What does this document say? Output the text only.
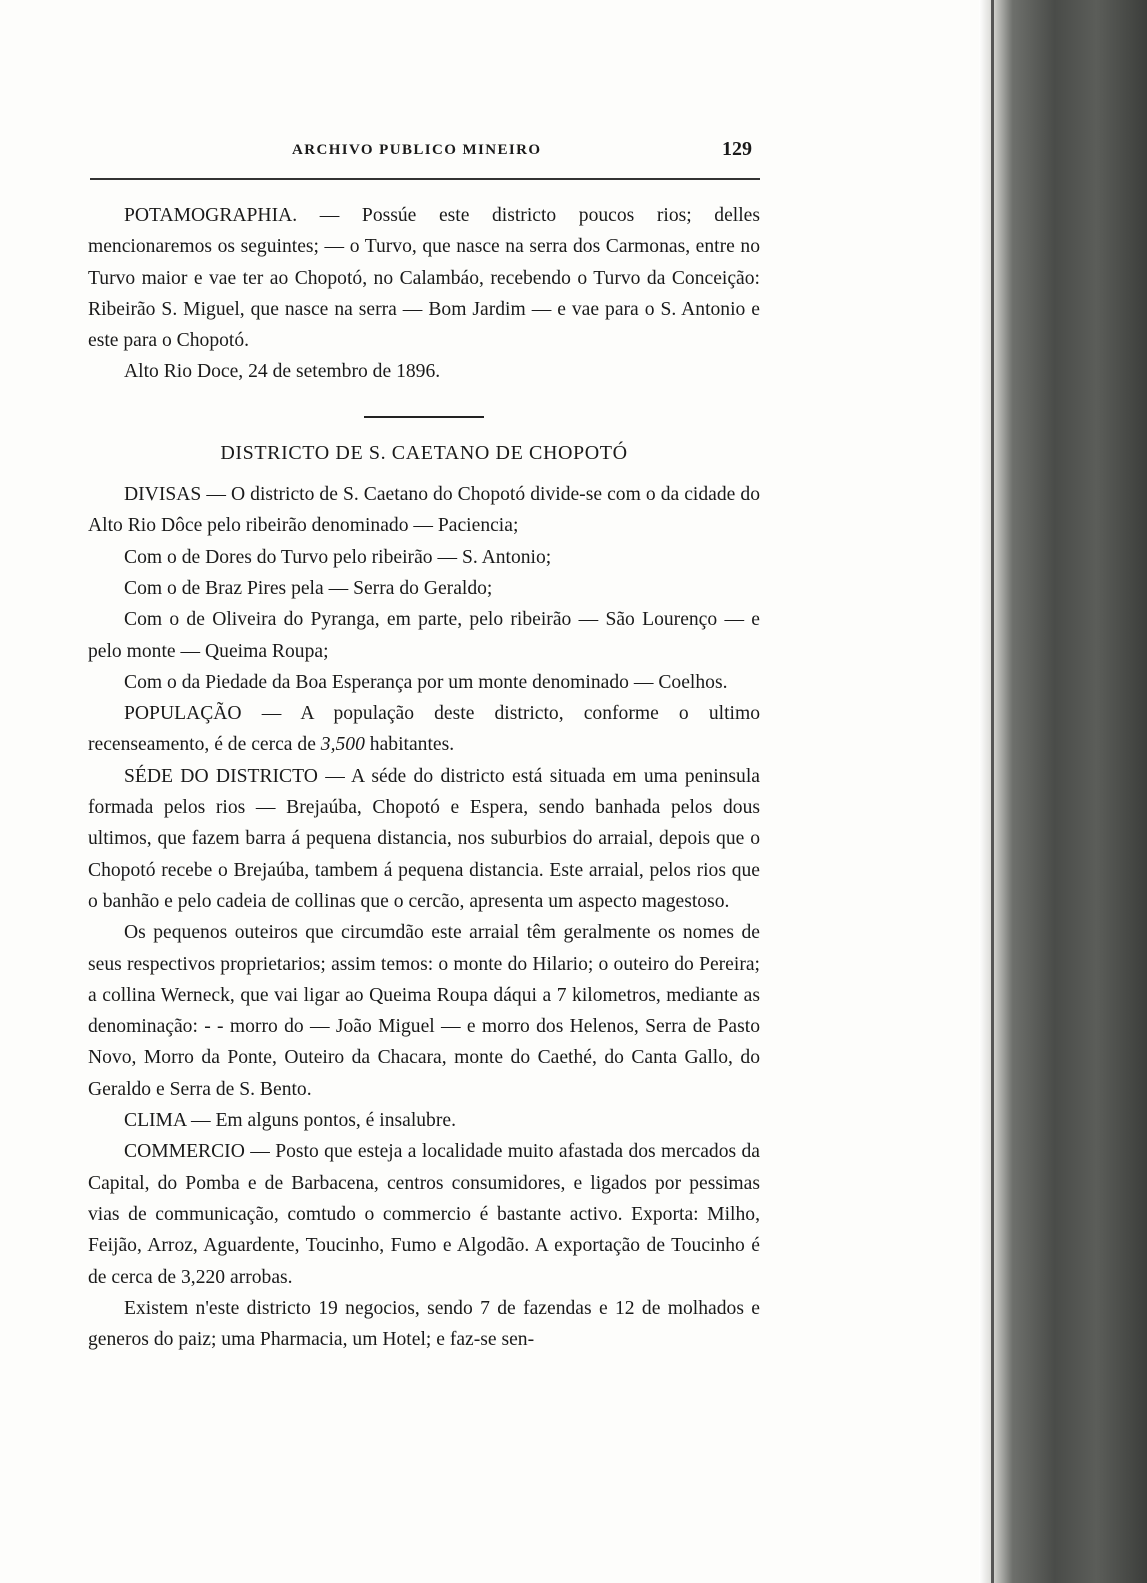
ARCHIVO PUBLICO MINEIRO	129

POTAMOGRAPHIA. — Possúe este districto poucos rios; delles mencionaremos os seguintes; — o Turvo, que nasce na serra dos Carmonas, entre no Turvo maior e vae ter ao Chopotó, no Calambáo, recebendo o Turvo da Conceição: Ribeirão S. Miguel, que nasce na serra — Bom Jardim — e vae para o S. Antonio e este para o Chopotó.

Alto Rio Doce, 24 de setembro de 1896.

DISTRICTO DE S. CAETANO DE CHOPOTÓ

DIVISAS — O districto de S. Caetano do Chopotó divide-se com o da cidade do Alto Rio Dôce pelo ribeirão denominado — Paciencia;

Com o de Dores do Turvo pelo ribeirão — S. Antonio;

Com o de Braz Pires pela — Serra do Geraldo;

Com o de Oliveira do Pyranga, em parte, pelo ribeirão — São Lourenço — e pelo monte — Queima Roupa;

Com o da Piedade da Boa Esperança por um monte denominado — Coelhos.

POPULAÇÃO — A população deste districto, conforme o ultimo recenseamento, é de cerca de 3,500 habitantes.

SÉDE DO DISTRICTO — A séde do districto está situada em uma peninsula formada pelos rios — Brejaúba, Chopotó e Espera, sendo banhada pelos dous ultimos, que fazem barra á pequena distancia, nos suburbios do arraial, depois que o Chopotó recebe o Brejaúba, tambem á pequena distancia. Este arraial, pelos rios que o banhão e pelo cadeia de collinas que o cercão, apresenta um aspecto magestoso.

Os pequenos outeiros que circumdão este arraial têm geralmente os nomes de seus respectivos proprietarios; assim temos: o monte do Hilario; o outeiro do Pereira; a collina Werneck, que vai ligar ao Queima Roupa dáqui a 7 kilometros, mediante as denominação: - - morro do — João Miguel — e morro dos Helenos, Serra de Pasto Novo, Morro da Ponte, Outeiro da Chacara, monte do Caethé, do Canta Gallo, do Geraldo e Serra de S. Bento.

CLIMA — Em alguns pontos, é insalubre.

COMMERCIO — Posto que esteja a localidade muito afastada dos mercados da Capital, do Pomba e de Barbacena, centros consumidores, e ligados por pessimas vias de communicação, comtudo o commercio é bastante activo. Exporta: Milho, Feijão, Arroz, Aguardente, Toucinho, Fumo e Algodão. A exportação de Toucinho é de cerca de 3,220 arrobas.

Existem n'este districto 19 negocios, sendo 7 de fazendas e 12 de molhados e generos do paiz; uma Pharmacia, um Hotel; e faz-se sen-
